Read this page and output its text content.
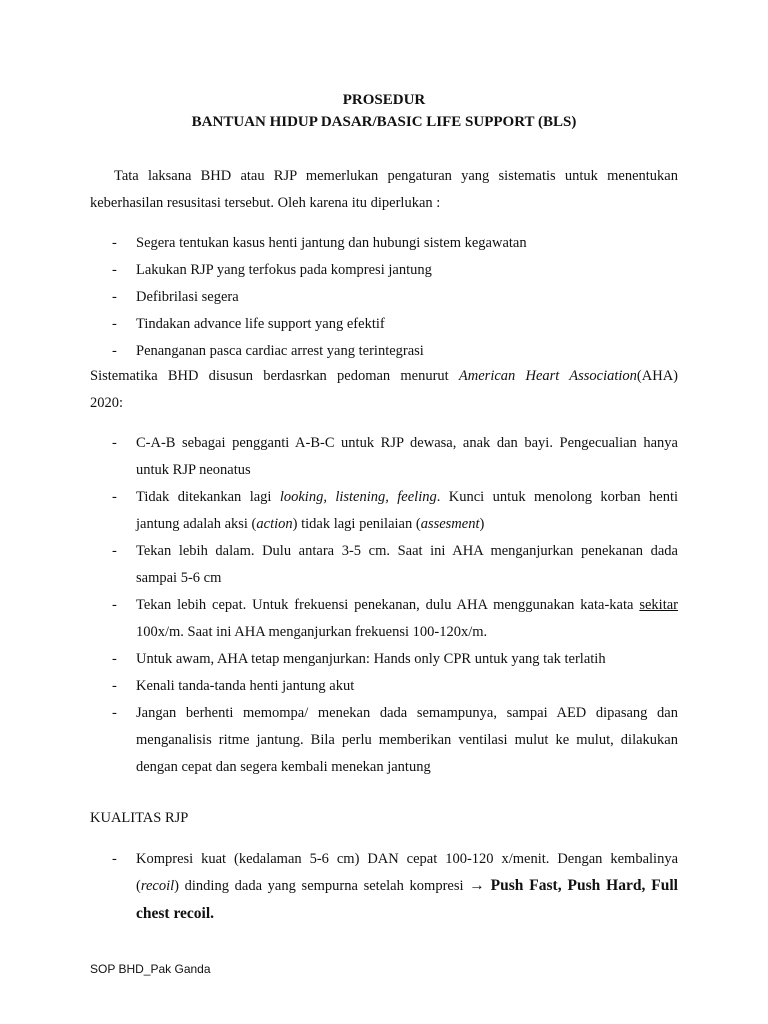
PROSEDUR
BANTUAN HIDUP DASAR/BASIC LIFE SUPPORT (BLS)
Tata laksana BHD atau RJP memerlukan pengaturan yang sistematis untuk menentukan
keberhasilan resusitasi tersebut. Oleh karena itu diperlukan :
- Segera tentukan kasus henti jantung dan hubungi sistem kegawatan
- Lakukan RJP yang terfokus pada kompresi jantung
- Defibrilasi segera
- Tindakan advance life support yang efektif
- Penanganan pasca cardiac arrest yang terintegrasi
Sistematika BHD disusun berdasrkan pedoman menurut American Heart Association(AHA)
2020:
- C-A-B sebagai pengganti A-B-C untuk RJP dewasa, anak dan bayi. Pengecualian hanya
untuk RJP neonatus
- Tidak ditekankan lagi looking, listening, feeling. Kunci untuk menolong korban henti
jantung adalah aksi (action) tidak lagi penilaian (assesment)
- Tekan lebih dalam. Dulu antara 3-5 cm. Saat ini AHA menganjurkan penekanan dada
sampai 5-6 cm
- Tekan lebih cepat. Untuk frekuensi penekanan, dulu AHA menggunakan kata-kata sekitar
100x/m. Saat ini AHA menganjurkan frekuensi 100-120x/m.
- Untuk awam, AHA tetap menganjurkan: Hands only CPR untuk yang tak terlatih
- Kenali tanda-tanda henti jantung akut
- Jangan berhenti memompa/ menekan dada semampunya, sampai AED dipasang dan
menganalisis ritme jantung. Bila perlu memberikan ventilasi mulut ke mulut, dilakukan
dengan cepat dan segera kembali menekan jantung
KUALITAS RJP
- Kompresi kuat (kedalaman 5-6 cm) DAN cepat 100-120 x/menit. Dengan kembalinya
(recoil) dinding dada yang sempurna setelah kompresi → Push Fast, Push Hard, Full
chest recoil.
SOP BHD_Pak Ganda
